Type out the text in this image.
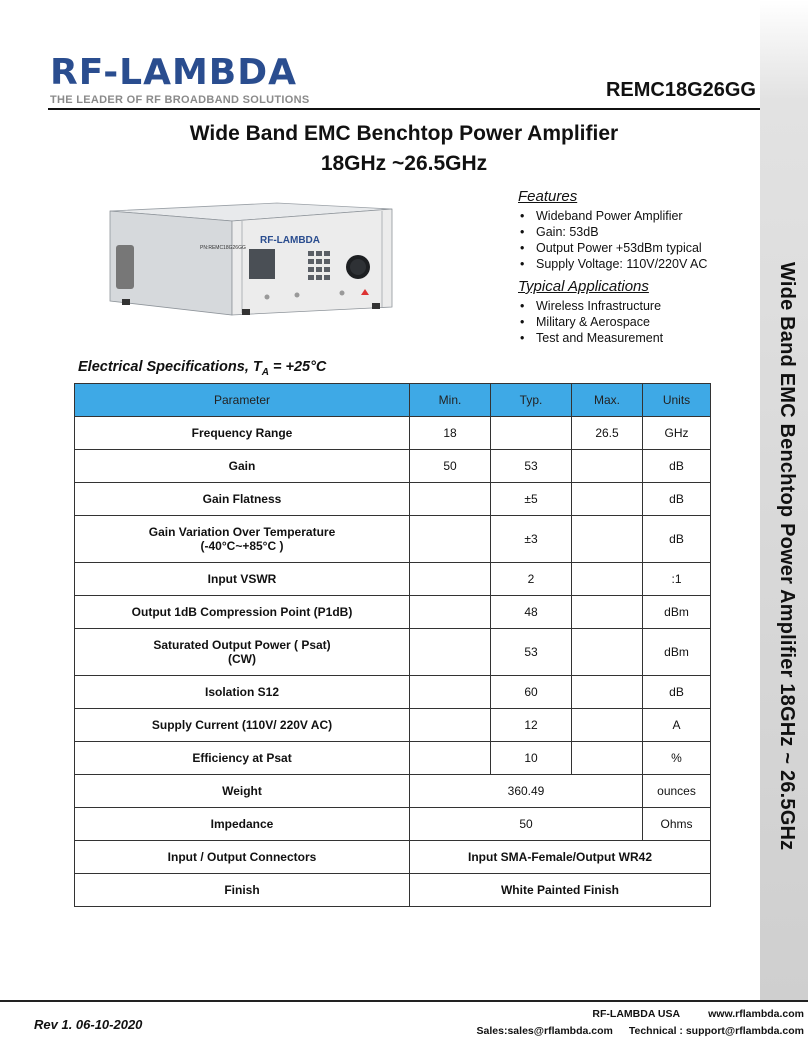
Wide Band EMC Benchtop Power Amplifier 18GHz ~ 26.5GHz
RF-LAMBDA
THE LEADER OF RF BROADBAND SOLUTIONS	REMC18G26GG
Wide Band EMC Benchtop Power Amplifier
18GHz ~26.5GHz
RF-LAMBDA
PN:REMC18G26GG
Features
• Wideband Power Amplifier
• Gain: 53dB
• Output Power +53dBm typical
• Supply Voltage: 110V/220V AC
Typical Applications
• Wireless Infrastructure
• Military & Aerospace
• Test and Measurement
Electrical Specifications, $T_A = +25^\circ C$
Parameter	Min.	Typ.	Max.	Units
Frequency Range	18		26.5	GHz
Gain	50	53		dB
Gain Flatness		±5		dB

Gain Variation Over Temperature
(-40°C~+85°C )		±3		dB
Input VSWR		2		:1
Output 1dB Compression Point (P1dB)		48		dBm

Saturated Output Power ( Psat)
(CW)		53		dBm
Isolation S12		60		dB
Supply Current (110V/ 220V AC)		12		A
Efficiency at Psat		10		%
Weight	360.49			ounces
Impedance	50			Ohms
Input / Output Connectors	Input SMA-Female/Output WR42			
Finish	White Painted Finish			
Rev 1. 06-10-2020
RF-LAMBDA USA	www.rflambda.com
Sales:sales@rflambda.com Technical : support@rflambda.com
